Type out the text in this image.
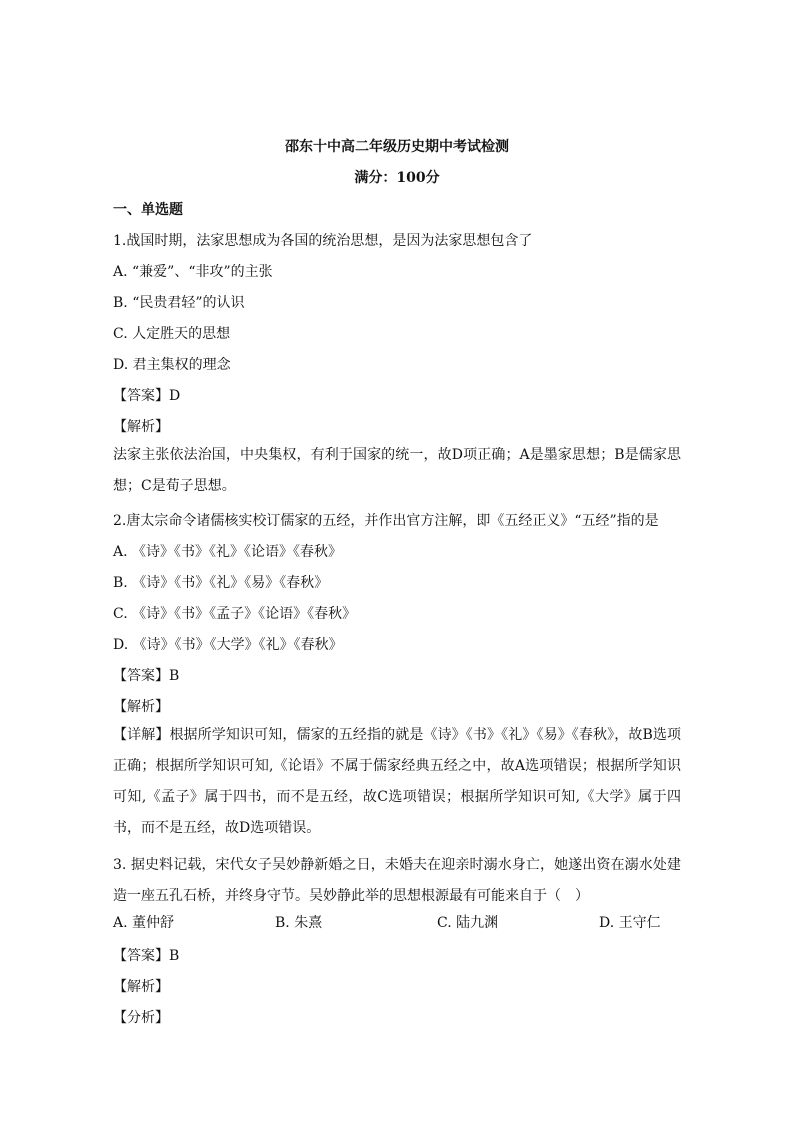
邵东十中高二年级历史期中考试检测
满分：100分
一、单选题
1.战国时期，法家思想成为各国的统治思想，是因为法家思想包含了
A. “兼爱”、“非攻”的主张
B. “民贵君轻”的认识
C. 人定胜天的思想
D. 君主集权的理念
【答案】D
【解析】
法家主张依法治国，中央集权，有利于国家的统一，故D项正确；A是墨家思想；B是儒家思想；C是荀子思想。
2.唐太宗命令诸儒核实校订儒家的五经，并作出官方注解，即《五经正义》“五经”指的是
A. 《诗》《书》《礼》《论语》《春秋》
B. 《诗》《书》《礼》《易》《春秋》
C. 《诗》《书》《孟子》《论语》《春秋》
D. 《诗》《书》《大学》《礼》《春秋》
【答案】B
【解析】
【详解】根据所学知识可知，儒家的五经指的就是《诗》《书》《礼》《易》《春秋》，故B选项正确；根据所学知识可知,《论语》不属于儒家经典五经之中，故A选项错误；根据所学知识可知,《孟子》属于四书，而不是五经，故C选项错误；根据所学知识可知,《大学》属于四书，而不是五经，故D选项错误。
3. 据史料记载，宋代女子吴妙静新婚之日，未婚夫在迎亲时溺水身亡，她遂出资在溺水处建造一座五孔石桥，并终身守节。吴妙静此举的思想根源最有可能来自于（　）
A. 董仲舒	B. 朱熹	C. 陆九渊	D. 王守仁
【答案】B
【解析】
【分析】
